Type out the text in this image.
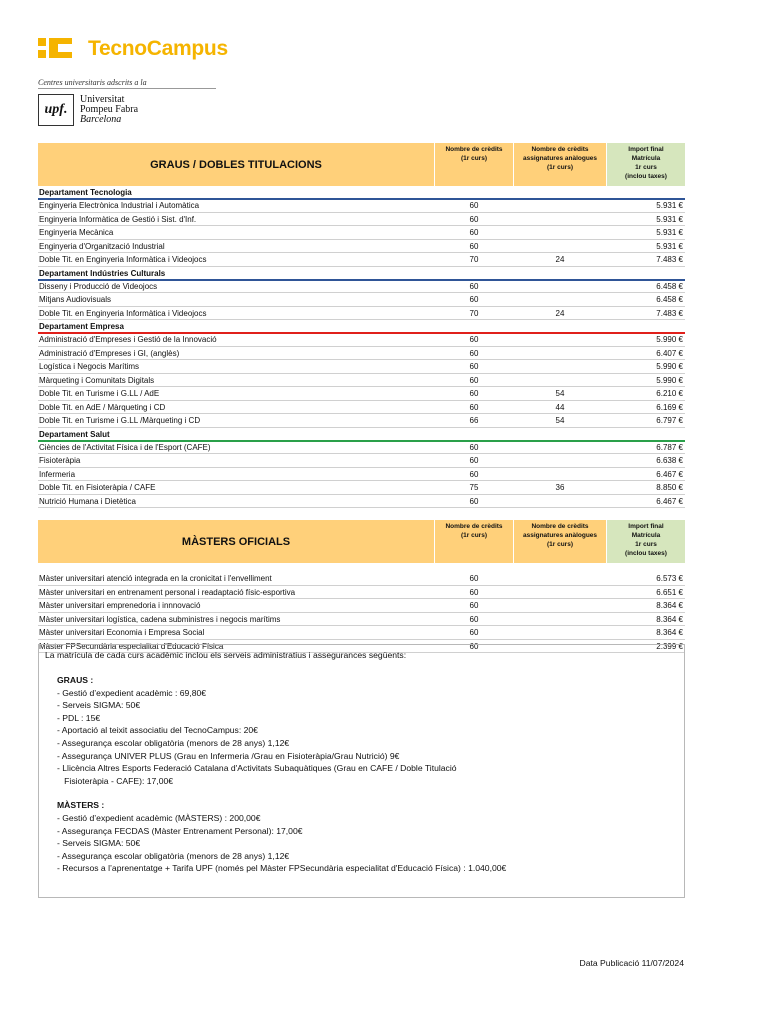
TecnoCampus
Centres universitaris adscrits a la
upf.
Universitat
Pompeu Fabra
Barcelona
GRAUS / DOBLES TITULACIONS
Nombre de crèdits
(1r curs)
Nombre de crèdits
assignatures anàlogues
(1r curs)
Import final
Matrícula
1r curs
(inclou taxes)
Departament Tecnologia
Enginyeria Electrònica Industrial i Automàtica	60	5.931 €
Enginyeria Informàtica de Gestió i Sist. d'Inf.	60	5.931 €
Enginyeria Mecànica	60	5.931 €
Enginyeria d'Organització Industrial	60	5.931 €
Doble Tit. en Enginyeria Informàtica i Videojocs	70	24	7.483 €
Departament Indústries Culturals
Disseny i Producció de Videojocs	60	6.458 €
Mitjans Audiovisuals	60	6.458 €
Doble Tit. en Enginyeria Informàtica i Videojocs	70	24	7.483 €
Departament Empresa
Administració d'Empreses i Gestió de la Innovació	60	5.990 €
Administració d'Empreses i GI, (anglès)	60	6.407 €
Logística i Negocis Marítims	60	5.990 €
Màrqueting i Comunitats Digitals	60	5.990 €
Doble Tit. en Turisme i G.LL / AdE	60	54	6.210 €
Doble Tit. en AdE / Màrqueting i CD	60	44	6.169 €
Doble Tit. en Turisme i G.LL /Màrqueting i CD	66	54	6.797 €
Departament Salut
Ciències de l'Activitat Física i de l'Esport (CAFE)	60	6.787 €
Fisioteràpia	60	6.638 €
Infermeria	60	6.467 €
Doble Tit. en Fisioteràpia / CAFE	75	36	8.850 €
Nutrició Humana i Dietètica	60	6.467 €
MÀSTERS OFICIALS
Nombre de crèdits
(1r curs)
Nombre de crèdits
assignatures anàlogues
(1r curs)
Import final
Matrícula
1r curs
(inclou taxes)
Màster universitari atenció integrada en la cronicitat i l'envelliment	60	6.573 €
Màster universitari en entrenament personal i readaptació físic-esportiva	60	6.651 €
Màster universitari emprenedoria i innnovació	60	8.364 €
Màster universitari logística, cadena subministres i negocis marítims	60	8.364 €
Màster universitari Economia i Empresa Social	60	8.364 €
Màster FPSecundària especialitat d'Educació Física	60	2.399 €
La matrícula de cada curs acadèmic inclou els serveis administratius i assegurances següents:
GRAUS :
- Gestió d’expedient acadèmic : 69,80€
- Serveis SIGMA: 50€
- PDL : 15€
- Aportació al teixit associatiu del TecnoCampus: 20€
- Assegurança escolar obligatòria (menors de 28 anys) 1,12€
- Assegurança UNIVER PLUS (Grau en Infermeria /Grau en Fisioteràpia/Grau Nutrició) 9€
- Llicència Altres Esports Federació Catalana d'Activitats Subaquàtiques (Grau en CAFE / Doble Titulació
Fisioteràpia - CAFE): 17,00€
MÀSTERS :
- Gestió d’expedient acadèmic (MÀSTERS) : 200,00€
- Assegurança FECDAS (Màster Entrenament Personal): 17,00€
- Serveis SIGMA: 50€
- Assegurança escolar obligatòria (menors de 28 anys) 1,12€
- Recursos a l’aprenentatge + Tarifa UPF (només pel Màster FPSecundària especialitat d'Educació Física) : 1.040,00€
Data Publicació 11/07/2024
